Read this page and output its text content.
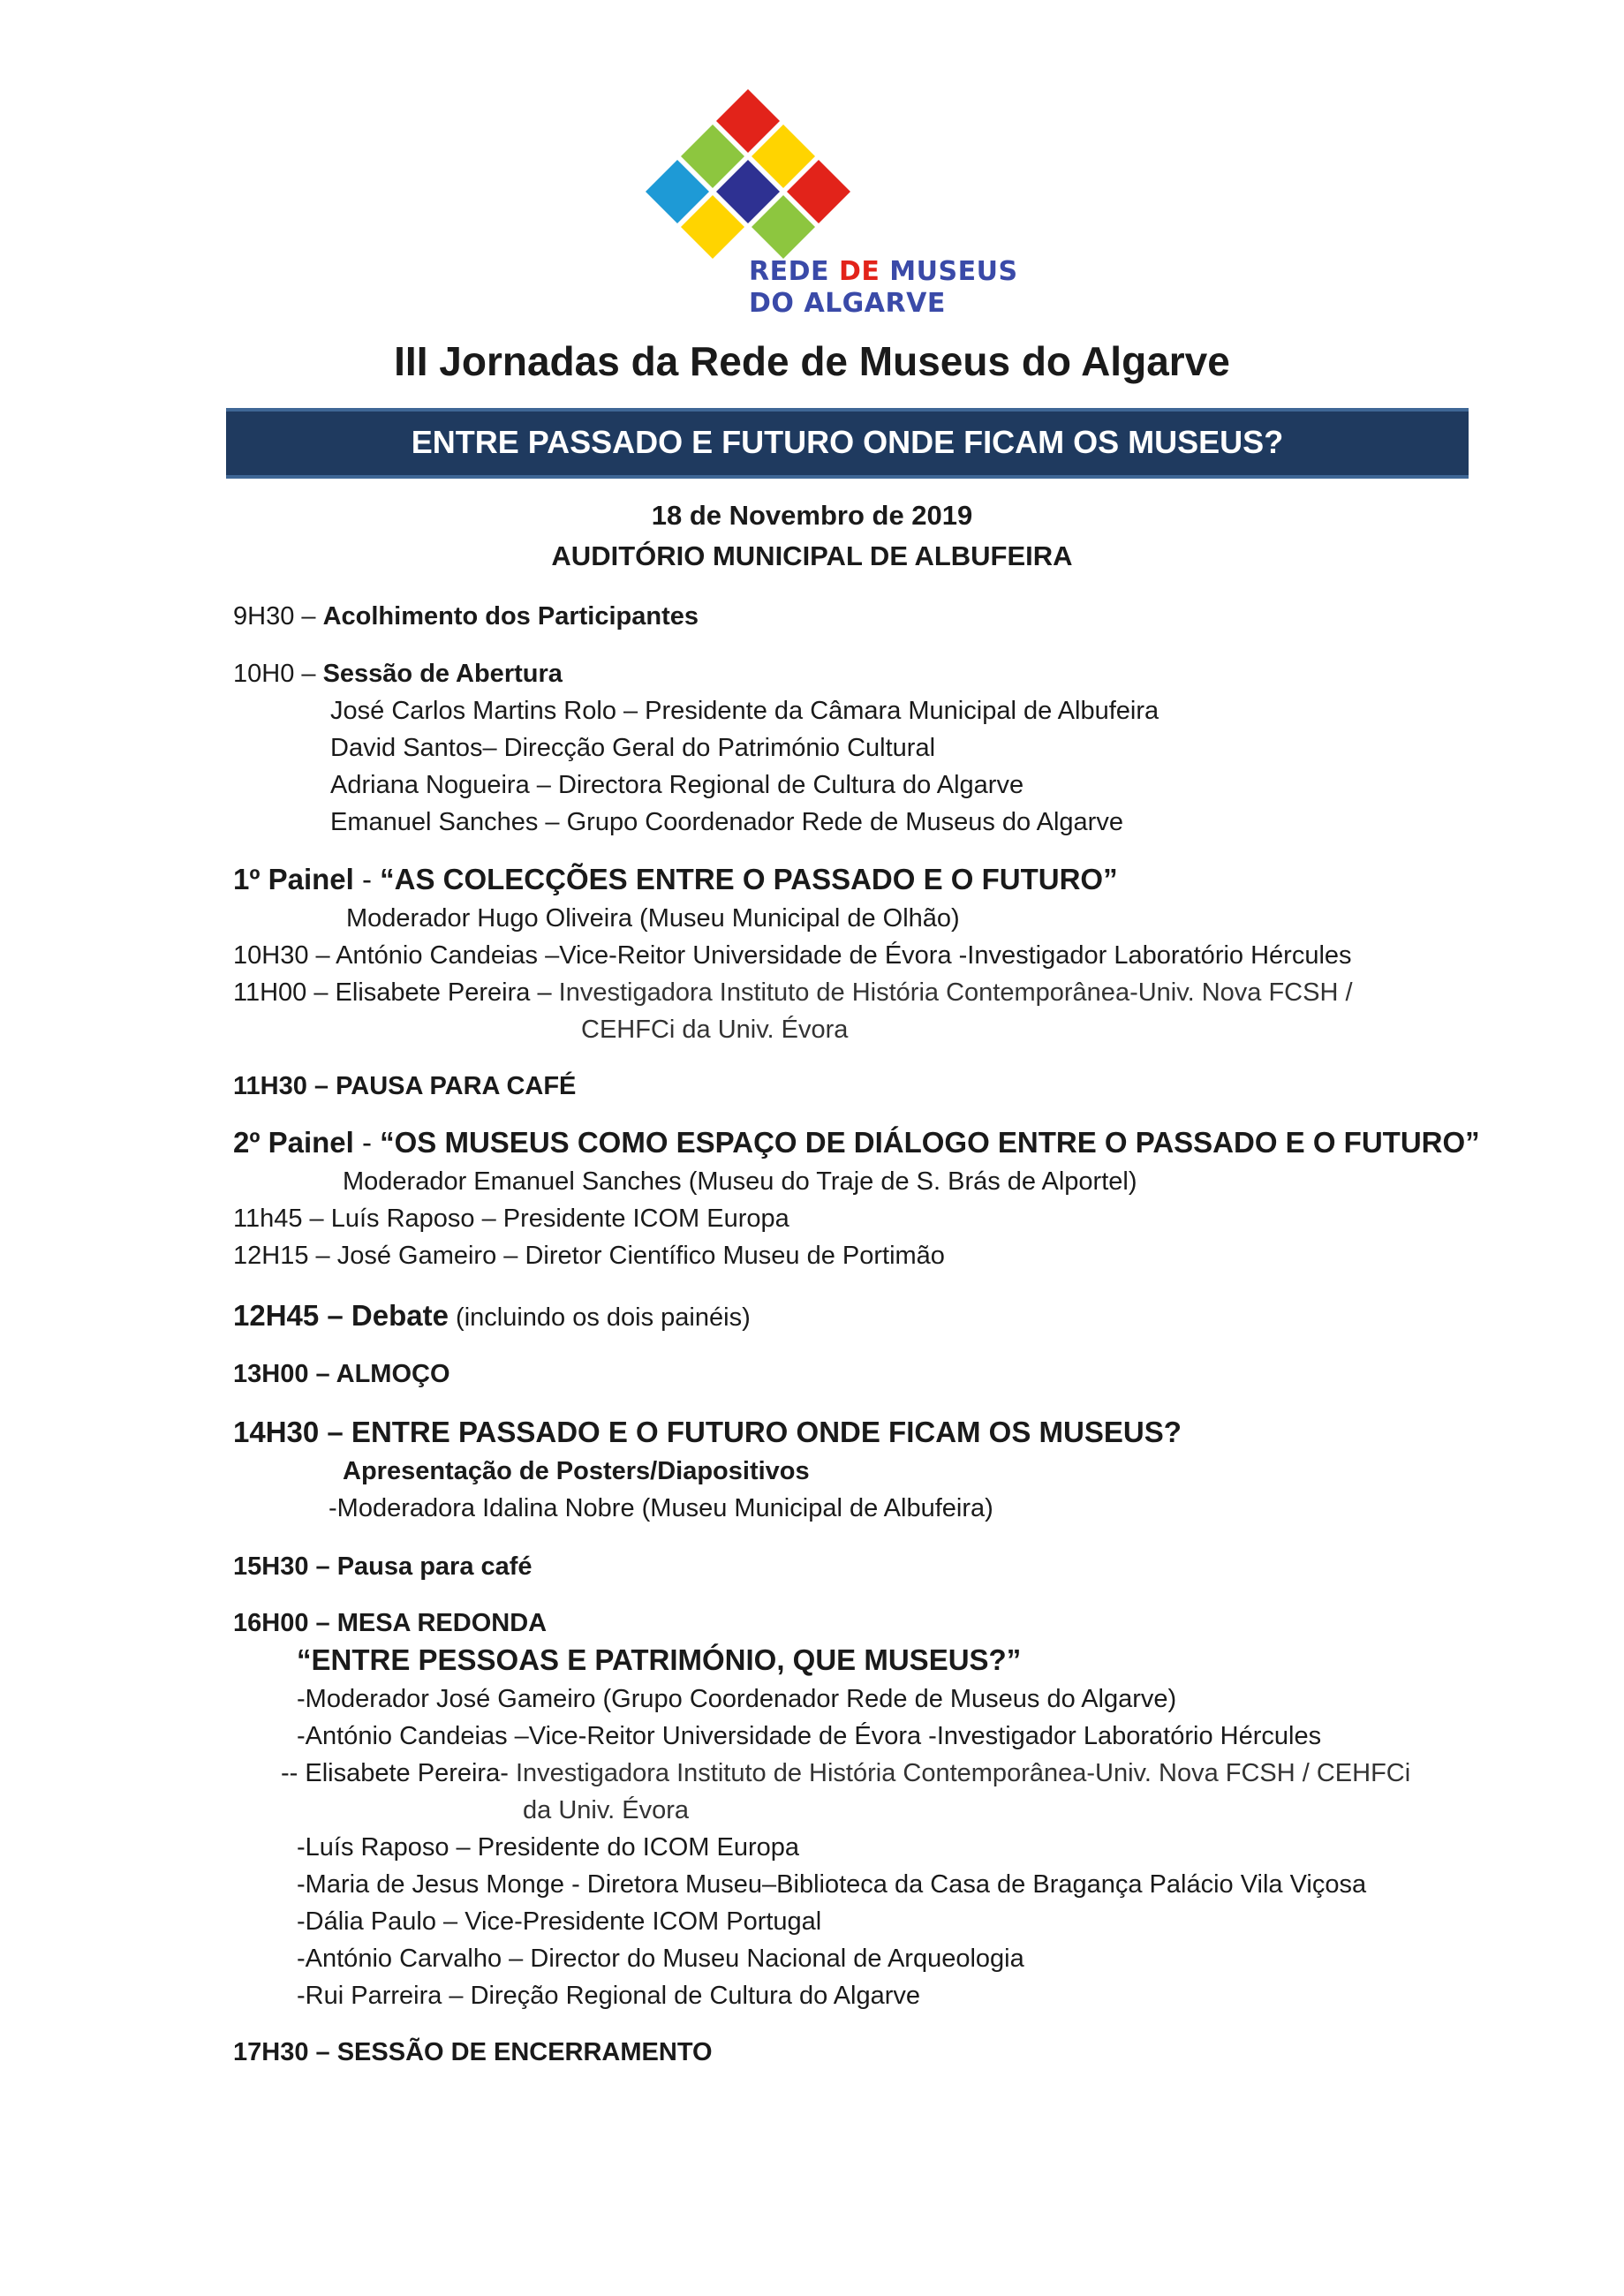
REDE DE MUSEUS
DO ALGARVE
III Jornadas da Rede de Museus do Algarve
ENTRE PASSADO E FUTURO ONDE FICAM OS MUSEUS?
18 de Novembro de 2019
AUDITÓRIO MUNICIPAL DE ALBUFEIRA
9H30 – Acolhimento dos Participantes
10H0 – Sessão de Abertura
José Carlos Martins Rolo – Presidente da Câmara Municipal de Albufeira
David Santos– Direcção Geral do Património Cultural
Adriana Nogueira – Directora Regional de Cultura do Algarve
Emanuel Sanches – Grupo Coordenador Rede de Museus do Algarve
1º Painel - “AS COLECÇÕES ENTRE O PASSADO E O FUTURO”
Moderador Hugo Oliveira (Museu Municipal de Olhão)
10H30 – António Candeias –Vice-Reitor Universidade de Évora -Investigador Laboratório Hércules
11H00 – Elisabete Pereira – Investigadora Instituto de História Contemporânea-Univ. Nova FCSH /
CEHFCi da Univ. Évora
11H30 – PAUSA PARA CAFÉ
2º Painel - “OS MUSEUS COMO ESPAÇO DE DIÁLOGO ENTRE O PASSADO E O FUTURO”
Moderador Emanuel Sanches (Museu do Traje de S. Brás de Alportel)
11h45 – Luís Raposo – Presidente ICOM Europa
12H15 – José Gameiro – Diretor Científico Museu de Portimão
12H45 – Debate (incluindo os dois painéis)
13H00 – ALMOÇO
14H30 – ENTRE PASSADO E O FUTURO ONDE FICAM OS MUSEUS?
Apresentação de Posters/Diapositivos
-Moderadora Idalina Nobre (Museu Municipal de Albufeira)
15H30 – Pausa para café
16H00 – MESA REDONDA
“ENTRE PESSOAS E PATRIMÓNIO, QUE MUSEUS?”
-Moderador José Gameiro (Grupo Coordenador Rede de Museus do Algarve)
-António Candeias –Vice-Reitor Universidade de Évora -Investigador Laboratório Hércules
-- Elisabete Pereira- Investigadora Instituto de História Contemporânea-Univ. Nova FCSH / CEHFCi
da Univ. Évora
-Luís Raposo – Presidente do ICOM Europa
-Maria de Jesus Monge - Diretora Museu–Biblioteca da Casa de Bragança Palácio Vila Viçosa
-Dália Paulo – Vice-Presidente ICOM Portugal
-António Carvalho – Director do Museu Nacional de Arqueologia
-Rui Parreira – Direção Regional de Cultura do Algarve
17H30 – SESSÃO DE ENCERRAMENTO
